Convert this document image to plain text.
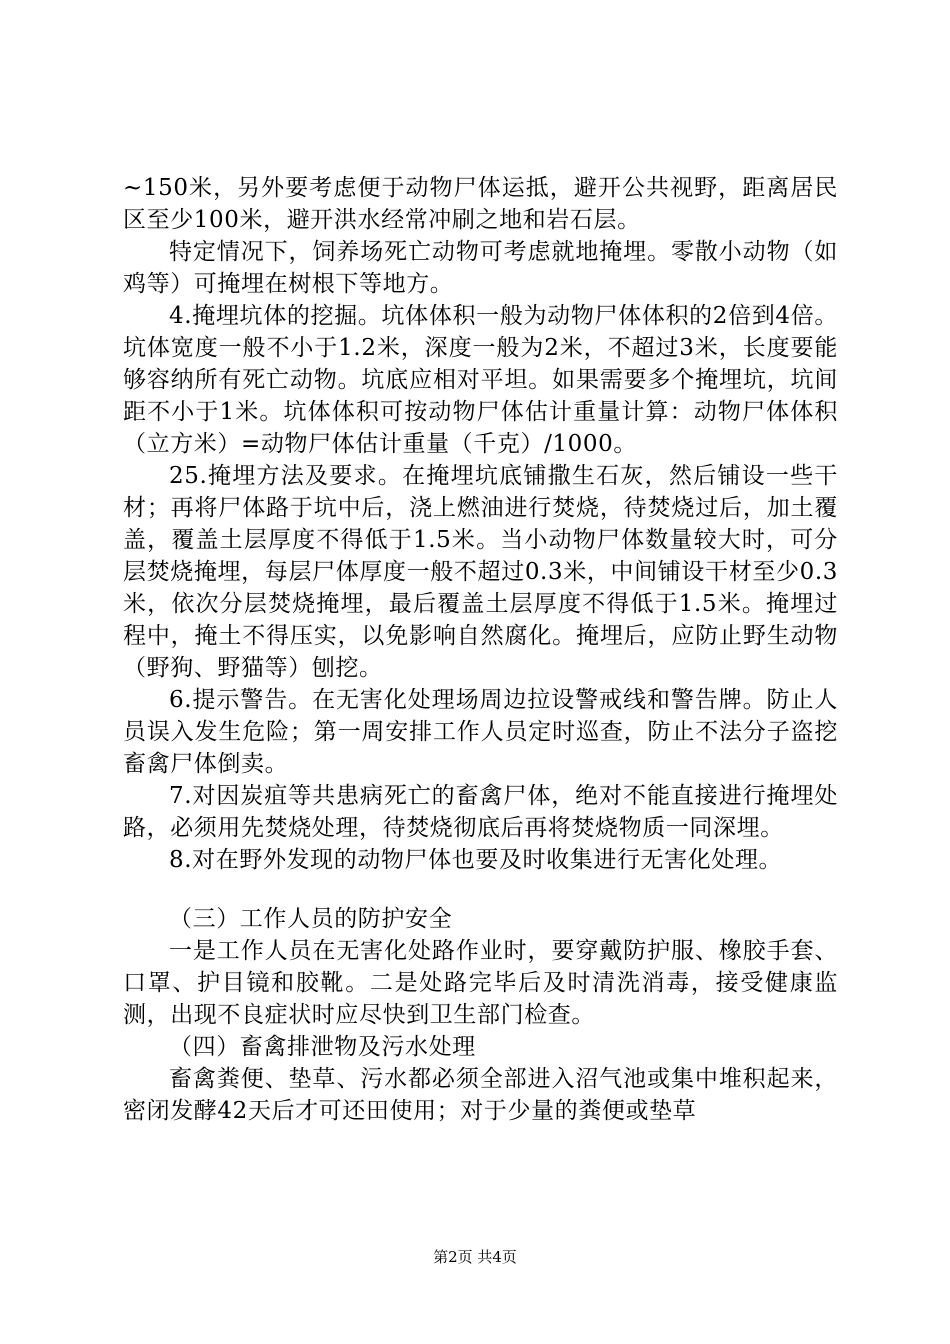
~150米，另外要考虑便于动物尸体运抵，避开公共视野，距离居民区至少100米，避开洪水经常冲刷之地和岩石层。

特定情况下，饲养场死亡动物可考虑就地掩埋。零散小动物（如鸡等）可掩埋在树根下等地方。

4.掩埋坑体的挖掘。坑体体积一般为动物尸体体积的2倍到4倍。坑体宽度一般不小于1.2米，深度一般为2米，不超过3米，长度要能够容纳所有死亡动物。坑底应相对平坦。如果需要多个掩埋坑，坑间距不小于1米。坑体体积可按动物尸体估计重量计算：动物尸体体积（立方米）=动物尸体估计重量（千克）/1000。

25.掩埋方法及要求。在掩埋坑底铺撒生石灰，然后铺设一些干材；再将尸体路于坑中后，浇上燃油进行焚烧，待焚烧过后，加土覆盖，覆盖土层厚度不得低于1.5米。当小动物尸体数量较大时，可分层焚烧掩埋，每层尸体厚度一般不超过0.3米，中间铺设干材至少0.3米，依次分层焚烧掩埋，最后覆盖土层厚度不得低于1.5米。掩埋过程中，掩土不得压实，以免影响自然腐化。掩埋后，应防止野生动物（野狗、野猫等）刨挖。

6.提示警告。在无害化处理场周边拉设警戒线和警告牌。防止人员误入发生危险；第一周安排工作人员定时巡查，防止不法分子盗挖畜禽尸体倒卖。

7.对因炭疽等共患病死亡的畜禽尸体，绝对不能直接进行掩埋处路，必须用先焚烧处理，待焚烧彻底后再将焚烧物质一同深埋。

8.对在野外发现的动物尸体也要及时收集进行无害化处理。

（三）工作人员的防护安全

一是工作人员在无害化处路作业时，要穿戴防护服、橡胶手套、口罩、护目镜和胶靴。二是处路完毕后及时清洗消毒，接受健康监测，出现不良症状时应尽快到卫生部门检查。

（四）畜禽排泄物及污水处理

畜禽粪便、垫草、污水都必须全部进入沼气池或集中堆积起来，密闭发酵42天后才可还田使用；对于少量的粪便或垫草

第2页 共4页
